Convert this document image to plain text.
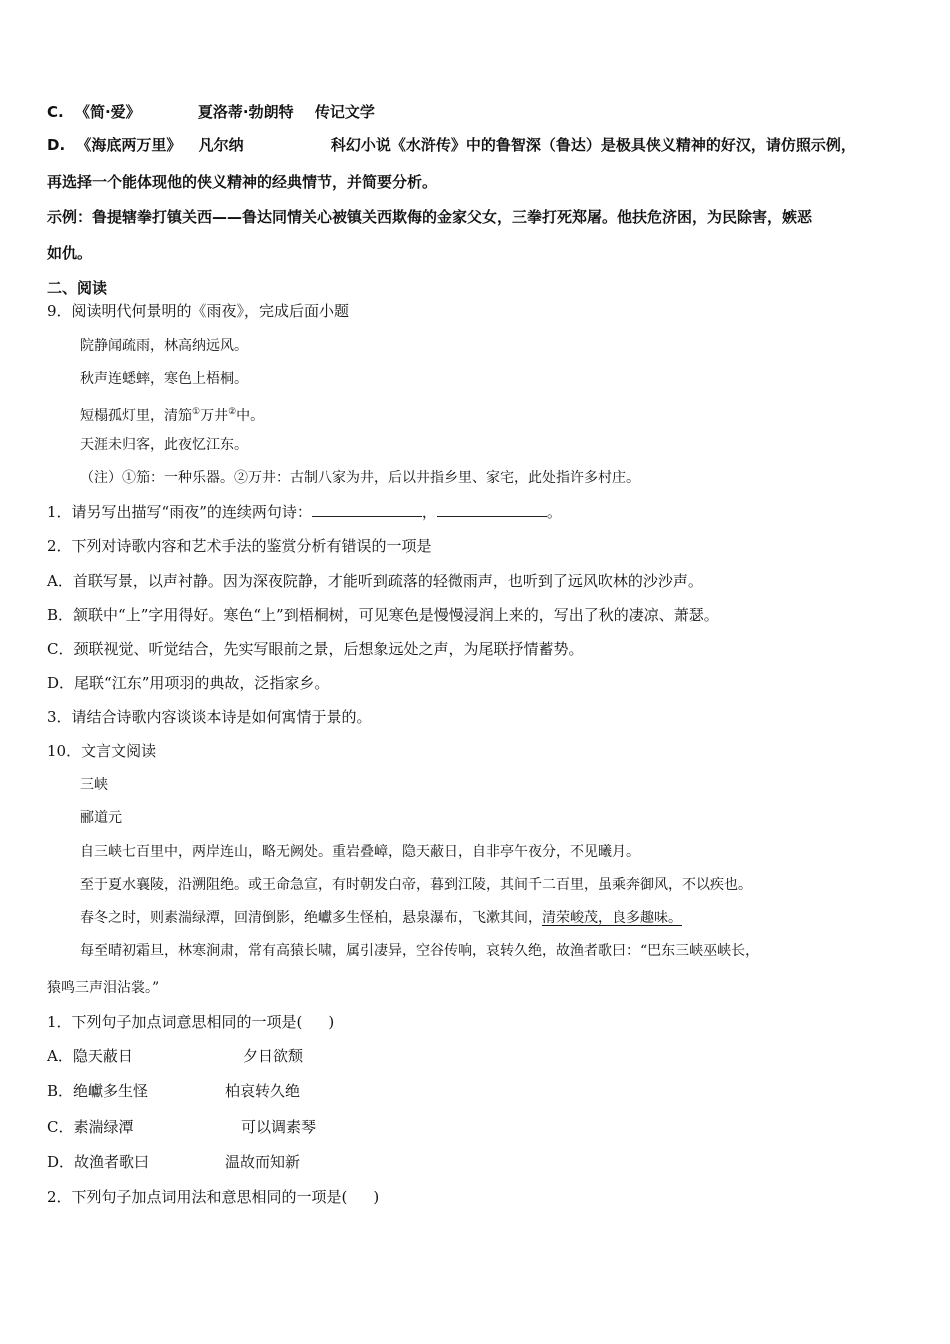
C. 《简·爱》	夏洛蒂·勃朗特 传记文学
D. 《海底两万里》 凡尔纳	科幻小说《水浒传》中的鲁智深（鲁达）是极具侠义精神的好汉，请仿照示例，
再选择一个能体现他的侠义精神的经典情节，并简要分析。
示例：鲁提辖拳打镇关西——鲁达同情关心被镇关西欺侮的金家父女，三拳打死郑屠。他扶危济困，为民除害，嫉恶
如仇。
二、阅读
9．阅读明代何景明的《雨夜》，完成后面小题
院静闻疏雨，林高纳远风。
秋声连蟋蟀，寒色上梧桐。
短榻孤灯里，清笳①万井②中。
天涯未归客，此夜忆江东。
（注）①笳：一种乐器。②万井：古制八家为井，后以井指乡里、家宅，此处指许多村庄。
1．请另写出描写“雨夜”的连续两句诗：	，	。
2．下列对诗歌内容和艺术手法的鉴赏分析有错误的一项是
A．首联写景，以声衬静。因为深夜院静，才能听到疏落的轻微雨声，也听到了远风吹林的沙沙声。
B．颔联中“上”字用得好。寒色“上”到梧桐树，可见寒色是慢慢浸润上来的，写出了秋的凄凉、萧瑟。
C．颈联视觉、听觉结合，先实写眼前之景，后想象远处之声，为尾联抒情蓄势。
D．尾联“江东”用项羽的典故，泛指家乡。
3．请结合诗歌内容谈谈本诗是如何寓情于景的。
10．文言文阅读
三峡
郦道元
自三峡七百里中，两岸连山，略无阙处。重岩叠嶂，隐天蔽日，自非亭午夜分，不见曦月。
至于夏水襄陵，沿溯阻绝。或王命急宣，有时朝发白帝，暮到江陵，其间千二百里，虽乘奔御风，不以疾也。
春冬之时，则素湍绿潭，回清倒影，绝巘多生怪柏，悬泉瀑布，飞漱其间，清荣峻茂，良多趣味。
每至晴初霜旦，林寒涧肃，常有高猿长啸，属引凄异，空谷传响，哀转久绝，故渔者歌曰：“巴东三峡巫峡长，
猿鸣三声泪沾裳。”
1．下列句子加点词意思相同的一项是( )
A．隐天蔽日	夕日欲颓
B．绝巘多生怪	柏哀转久绝
C．素湍绿潭	可以调素琴
D．故渔者歌曰	温故而知新
2．下列句子加点词用法和意思相同的一项是( )
